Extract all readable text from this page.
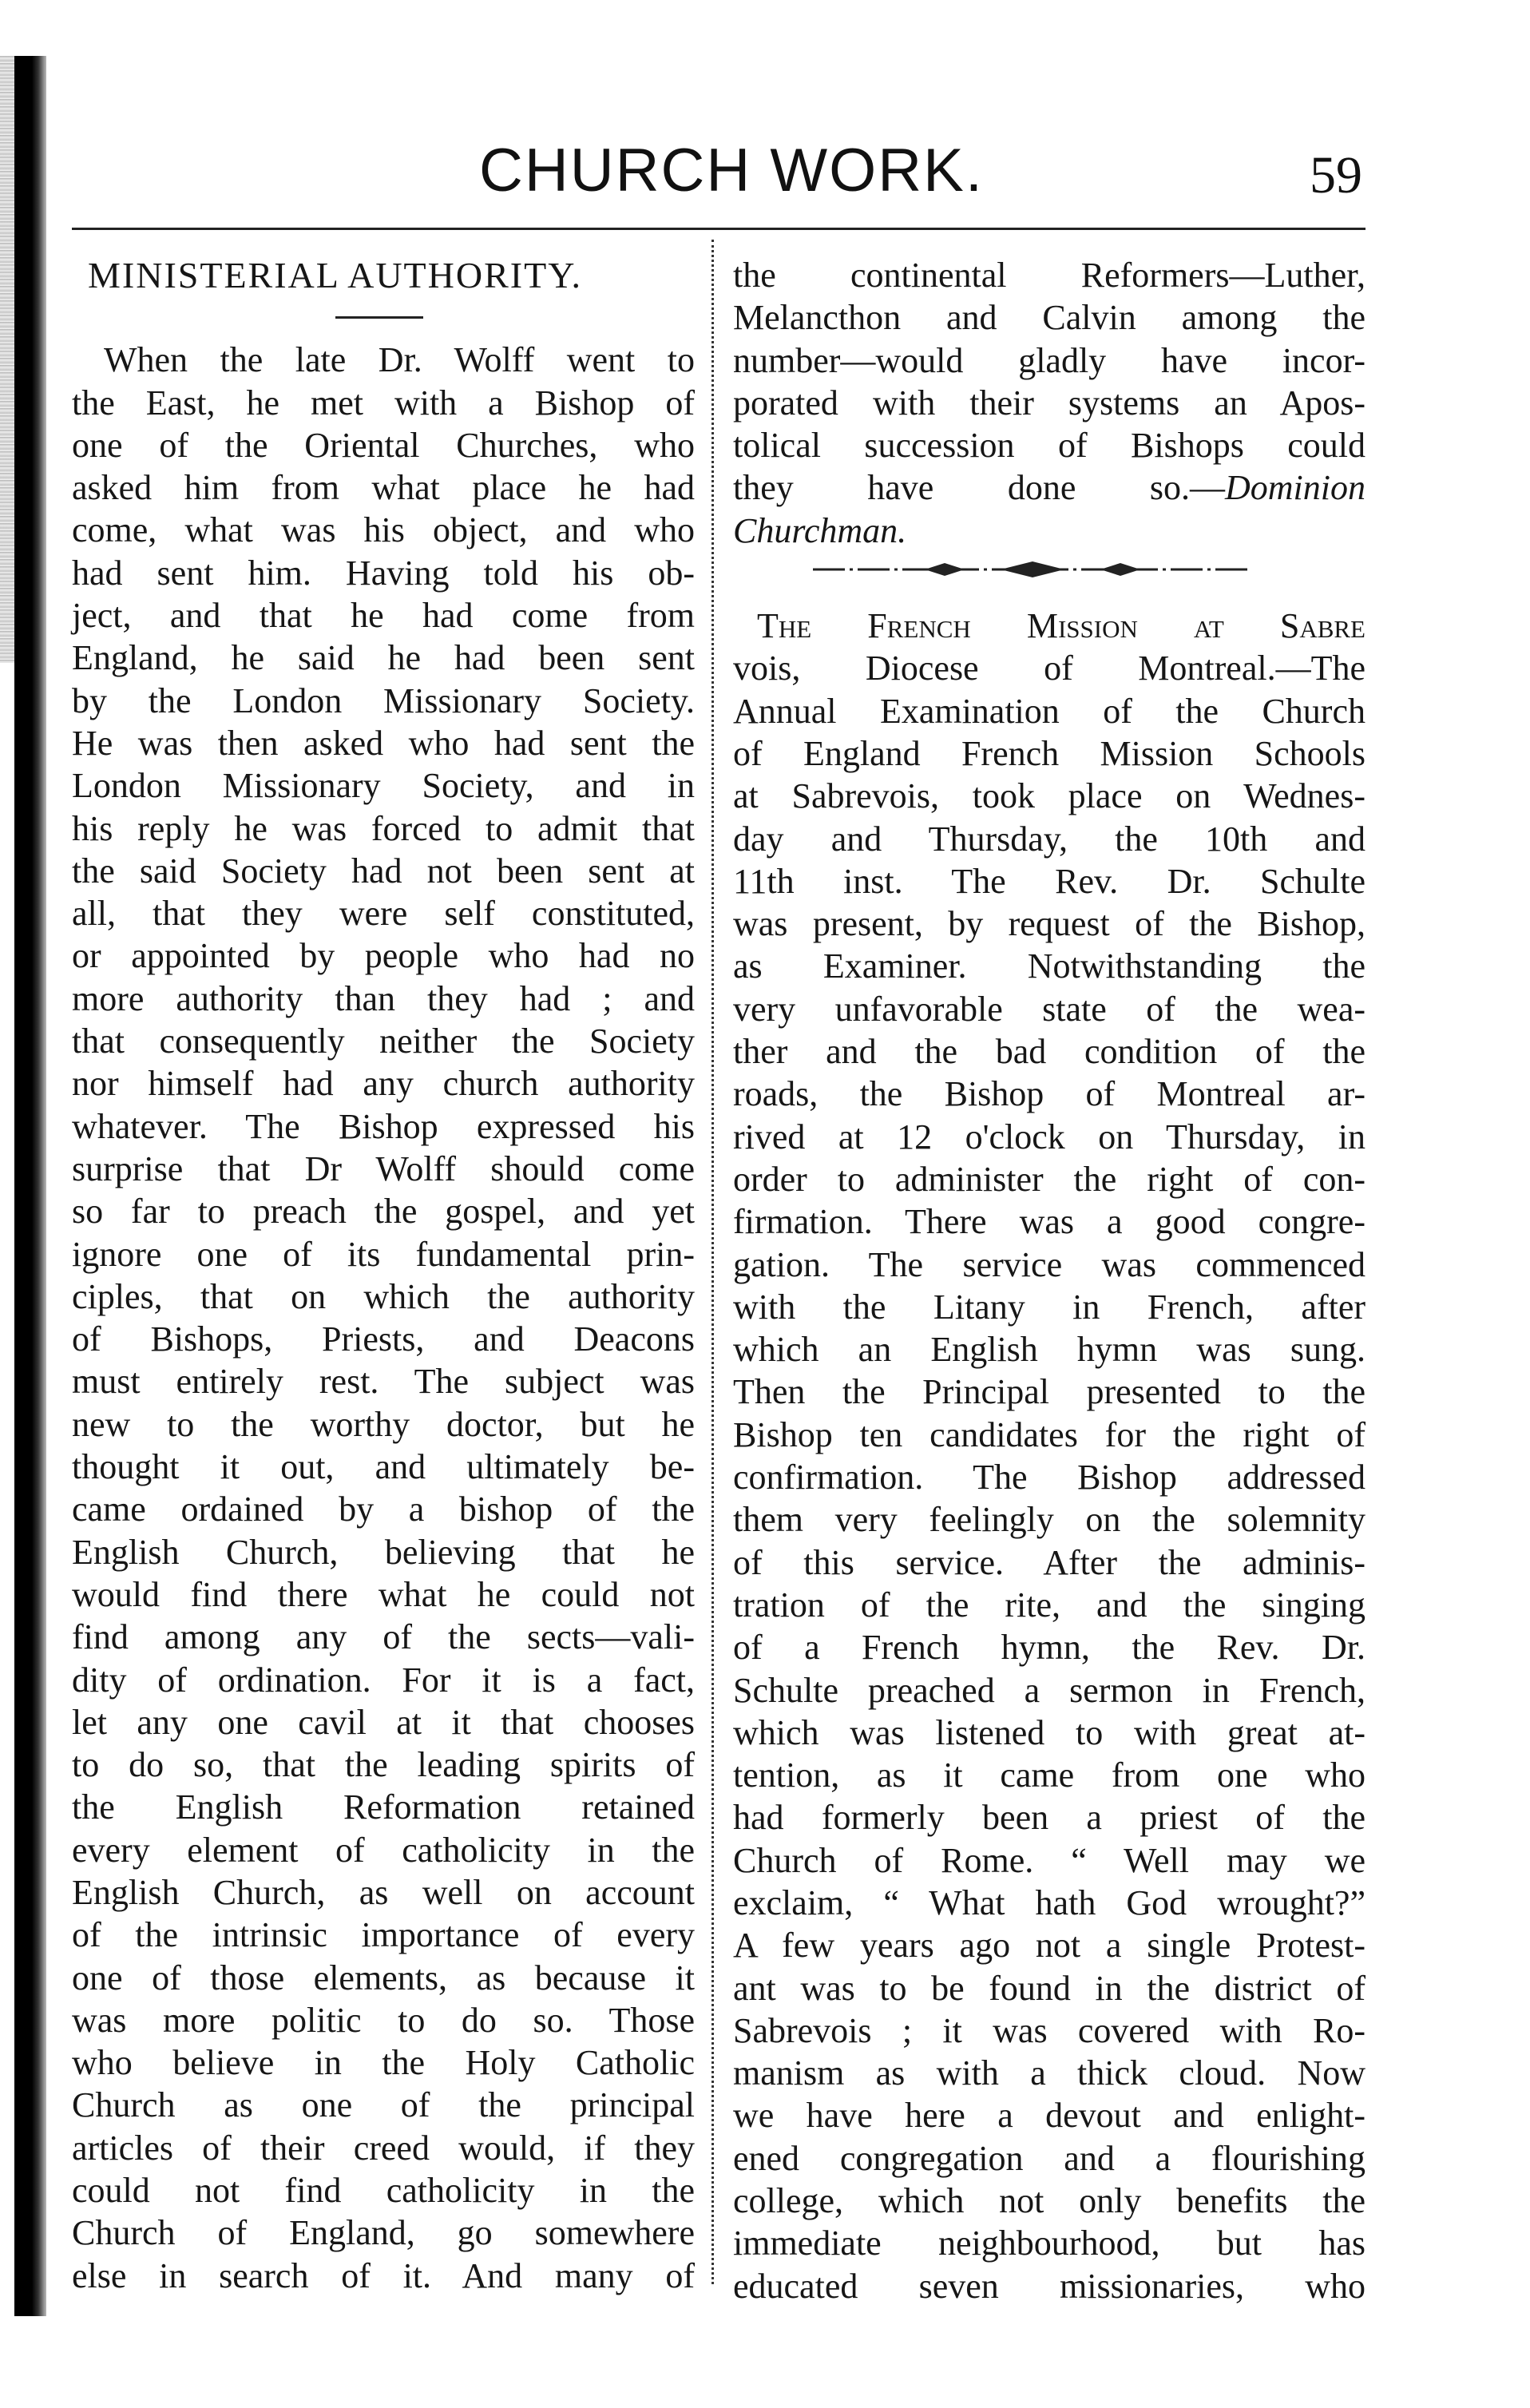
CHURCH WORK.	59
MINISTERIAL AUTHORITY.
When the late Dr. Wolff went to
the East, he met with a Bishop of
one of the Oriental Churches, who
asked him from what place he had
come, what was his object, and who
had sent him. Having told his ob-
ject, and that he had come from
England, he said he had been sent
by the London Missionary Society.
He was then asked who had sent the
London Missionary Society, and in
his reply he was forced to admit that
the said Society had not been sent at
all, that they were self constituted,
or appointed by people who had no
more authority than they had ; and
that consequently neither the Society
nor himself had any church authority
whatever. The Bishop expressed his
surprise that Dr Wolff should come
so far to preach the gospel, and yet
ignore one of its fundamental prin-
ciples, that on which the authority
of Bishops, Priests, and Deacons
must entirely rest. The subject was
new to the worthy doctor, but he
thought it out, and ultimately be-
came ordained by a bishop of the
English Church, believing that he
would find there what he could not
find among any of the sects—vali-
dity of ordination. For it is a fact,
let any one cavil at it that chooses
to do so, that the leading spirits of
the English Reformation retained
every element of catholicity in the
English Church, as well on account
of the intrinsic importance of every
one of those elements, as because it
was more politic to do so. Those
who believe in the Holy Catholic
Church as one of the principal
articles of their creed would, if they
could not find catholicity in the
Church of England, go somewhere
else in search of it. And many of
the continental Reformers—Luther,
Melancthon and Calvin among the
number—would gladly have incor-
porated with their systems an Apos-
tolical succession of Bishops could
they have done so.—Dominion
Churchman.
The French Mission at Sabre
vois, Diocese of Montreal.—The
Annual Examination of the Church
of England French Mission Schools
at Sabrevois, took place on Wednes-
day and Thursday, the 10th and
11th inst. The Rev. Dr. Schulte
was present, by request of the Bishop,
as Examiner. Notwithstanding the
very unfavorable state of the wea-
ther and the bad condition of the
roads, the Bishop of Montreal ar-
rived at 12 o'clock on Thursday, in
order to administer the right of con-
firmation. There was a good congre-
gation. The service was commenced
with the Litany in French, after
which an English hymn was sung.
Then the Principal presented to the
Bishop ten candidates for the right of
confirmation. The Bishop addressed
them very feelingly on the solemnity
of this service. After the adminis-
tration of the rite, and the singing
of a French hymn, the Rev. Dr.
Schulte preached a sermon in French,
which was listened to with great at-
tention, as it came from one who
had formerly been a priest of the
Church of Rome. “ Well may we
exclaim, “ What hath God wrought?”
A few years ago not a single Protest-
ant was to be found in the district of
Sabrevois ; it was covered with Ro-
manism as with a thick cloud. Now
we have here a devout and enlight-
ened congregation and a flourishing
college, which not only benefits the
immediate neighbourhood, but has
educated seven missionaries, who
